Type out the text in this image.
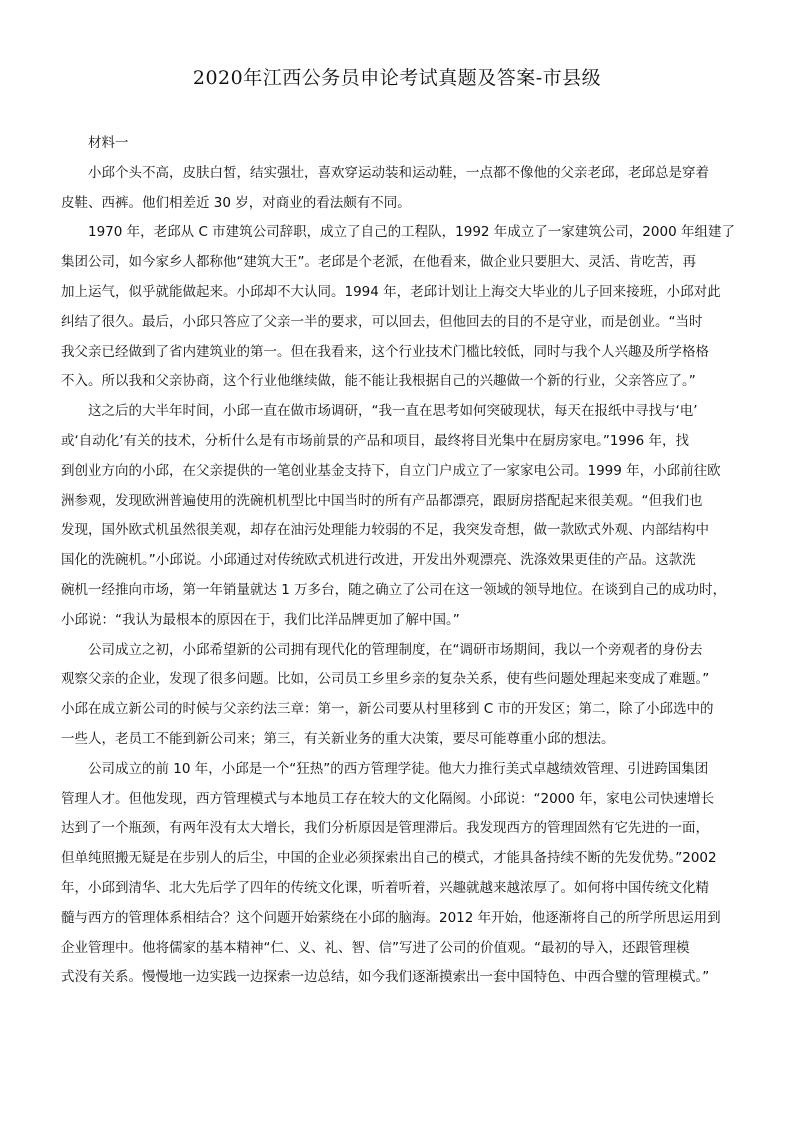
2020年江西公务员申论考试真题及答案-市县级
材料一
小邱个头不高，皮肤白皙，结实强壮，喜欢穿运动装和运动鞋，一点都不像他的父亲老邱，老邱总是穿着
皮鞋、西裤。他们相差近 30 岁，对商业的看法颇有不同。
1970 年，老邱从 C 市建筑公司辞职，成立了自己的工程队，1992 年成立了一家建筑公司，2000 年组建了
集团公司，如今家乡人都称他“建筑大王”。老邱是个老派，在他看来，做企业只要胆大、灵活、肯吃苦，再
加上运气，似乎就能做起来。小邱却不大认同。1994 年，老邱计划让上海交大毕业的儿子回来接班，小邱对此
纠结了很久。最后，小邱只答应了父亲一半的要求，可以回去，但他回去的目的不是守业，而是创业。“当时
我父亲已经做到了省内建筑业的第一。但在我看来，这个行业技术门槛比较低，同时与我个人兴趣及所学格格
不入。所以我和父亲协商，这个行业他继续做，能不能让我根据自己的兴趣做一个新的行业，父亲答应了。”
这之后的大半年时间，小邱一直在做市场调研，“我一直在思考如何突破现状，每天在报纸中寻找与‘电’
或‘自动化’有关的技术，分析什么是有市场前景的产品和项目，最终将目光集中在厨房家电。”1996 年，找
到创业方向的小邱，在父亲提供的一笔创业基金支持下，自立门户成立了一家家电公司。1999 年，小邱前往欧
洲参观，发现欧洲普遍使用的洗碗机机型比中国当时的所有产品都漂亮，跟厨房搭配起来很美观。“但我们也
发现，国外欧式机虽然很美观，却存在油污处理能力较弱的不足，我突发奇想，做一款欧式外观、内部结构中
国化的洗碗机。”小邱说。小邱通过对传统欧式机进行改进，开发出外观漂亮、洗涤效果更佳的产品。这款洗
碗机一经推向市场，第一年销量就达 1 万多台，随之确立了公司在这一领域的领导地位。在谈到自己的成功时，
小邱说：“我认为最根本的原因在于，我们比洋品牌更加了解中国。”
公司成立之初，小邱希望新的公司拥有现代化的管理制度，在“调研市场期间，我以一个旁观者的身份去
观察父亲的企业，发现了很多问题。比如，公司员工乡里乡亲的复杂关系，使有些问题处理起来变成了难题。”
小邱在成立新公司的时候与父亲约法三章：第一，新公司要从村里移到 C 市的开发区；第二，除了小邱选中的
一些人，老员工不能到新公司来；第三，有关新业务的重大决策，要尽可能尊重小邱的想法。
公司成立的前 10 年，小邱是一个“狂热”的西方管理学徒。他大力推行美式卓越绩效管理、引进跨国集团
管理人才。但他发现，西方管理模式与本地员工存在较大的文化隔阂。小邱说：“2000 年，家电公司快速增长
达到了一个瓶颈，有两年没有太大增长，我们分析原因是管理滞后。我发现西方的管理固然有它先进的一面，
但单纯照搬无疑是在步别人的后尘，中国的企业必须探索出自己的模式，才能具备持续不断的先发优势。”2002
年，小邱到清华、北大先后学了四年的传统文化课，听着听着，兴趣就越来越浓厚了。如何将中国传统文化精
髓与西方的管理体系相结合？这个问题开始萦绕在小邱的脑海。2012 年开始，他逐渐将自己的所学所思运用到
企业管理中。他将儒家的基本精神“仁、义、礼、智、信”写进了公司的价值观。“最初的导入，还跟管理模
式没有关系。慢慢地一边实践一边探索一边总结，如今我们逐渐摸索出一套中国特色、中西合璧的管理模式。”
